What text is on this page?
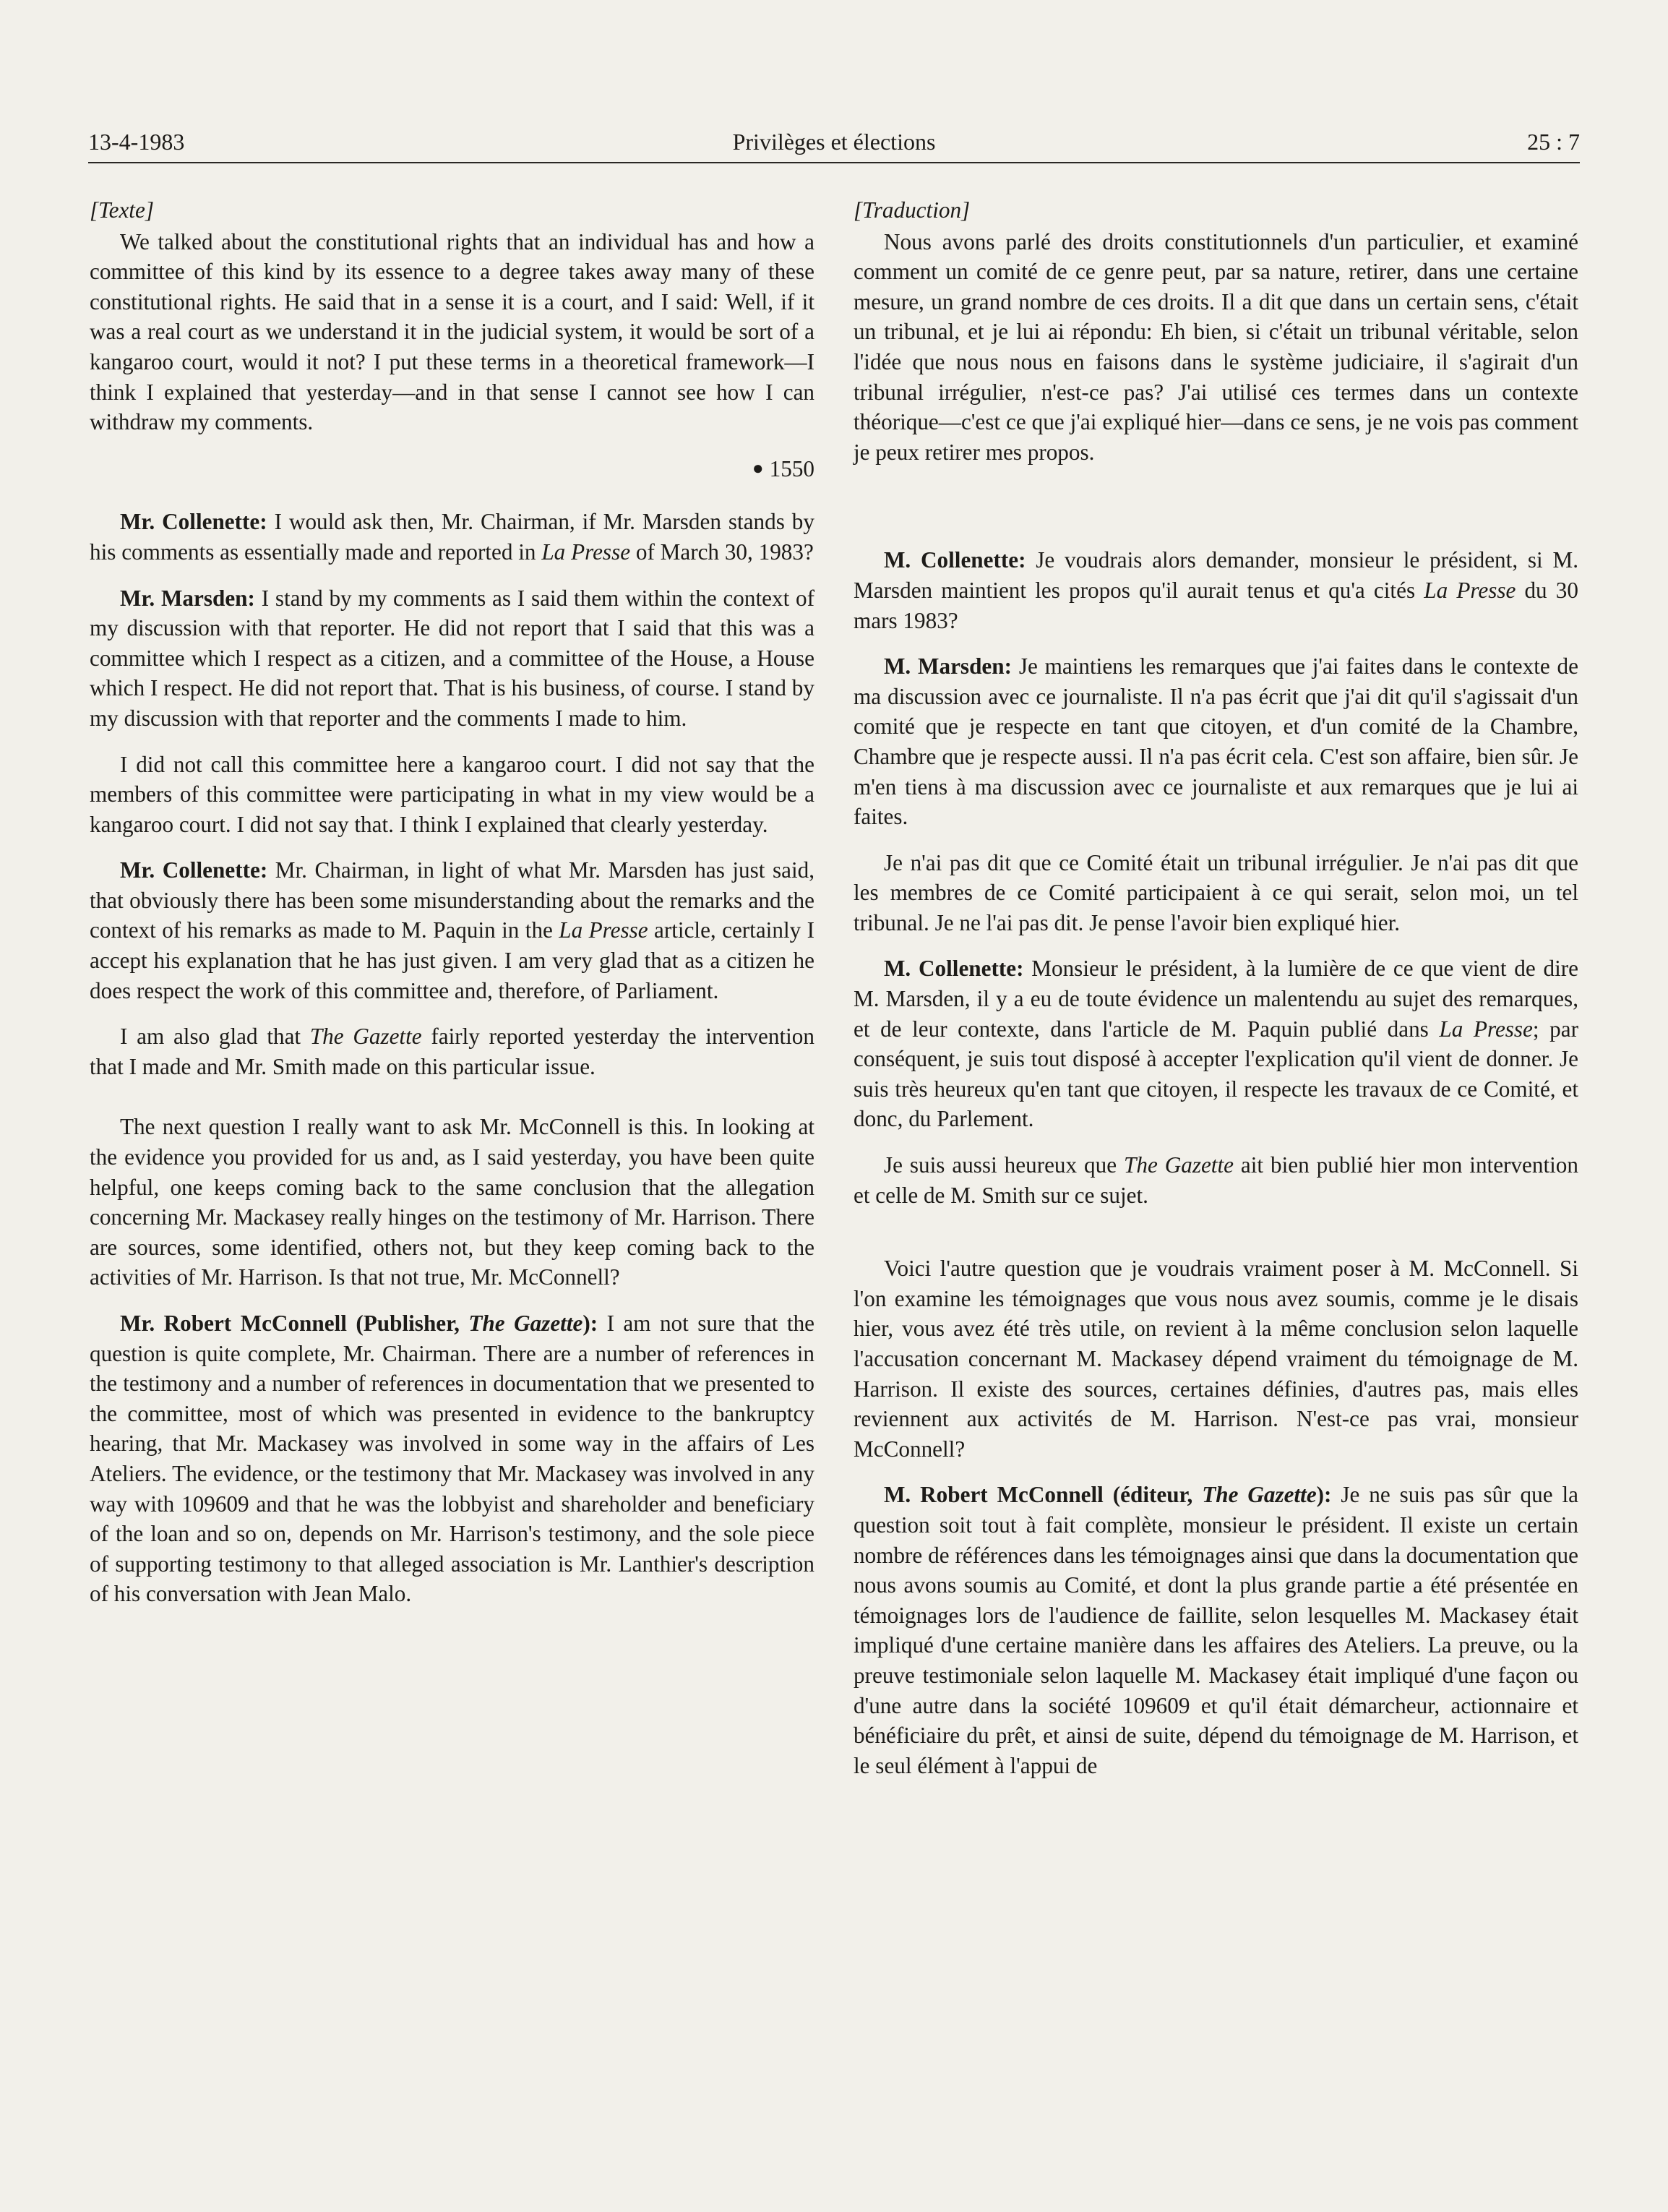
13-4-1983	Privilèges et élections	25 : 7

[Texte]

We talked about the constitutional rights that an individual has and how a committee of this kind by its essence to a degree takes away many of these constitutional rights. He said that in a sense it is a court, and I said: Well, if it was a real court as we understand it in the judicial system, it would be sort of a kangaroo court, would it not? I put these terms in a theoretical framework—I think I explained that yesterday—and in that sense I cannot see how I can withdraw my comments.

● 1550

Mr. Collenette: I would ask then, Mr. Chairman, if Mr. Marsden stands by his comments as essentially made and reported in La Presse of March 30, 1983?

Mr. Marsden: I stand by my comments as I said them within the context of my discussion with that reporter. He did not report that I said that this was a committee which I respect as a citizen, and a committee of the House, a House which I respect. He did not report that. That is his business, of course. I stand by my discussion with that reporter and the comments I made to him.

I did not call this committee here a kangaroo court. I did not say that the members of this committee were participating in what in my view would be a kangaroo court. I did not say that. I think I explained that clearly yesterday.

Mr. Collenette: Mr. Chairman, in light of what Mr. Marsden has just said, that obviously there has been some misunderstanding about the remarks and the context of his remarks as made to M. Paquin in the La Presse article, certainly I accept his explanation that he has just given. I am very glad that as a citizen he does respect the work of this committee and, therefore, of Parliament.

I am also glad that The Gazette fairly reported yesterday the intervention that I made and Mr. Smith made on this particular issue.

The next question I really want to ask Mr. McConnell is this. In looking at the evidence you provided for us and, as I said yesterday, you have been quite helpful, one keeps coming back to the same conclusion that the allegation concerning Mr. Mackasey really hinges on the testimony of Mr. Harrison. There are sources, some identified, others not, but they keep coming back to the activities of Mr. Harrison. Is that not true, Mr. McConnell?

Mr. Robert McConnell (Publisher, The Gazette): I am not sure that the question is quite complete, Mr. Chairman. There are a number of references in the testimony and a number of references in documentation that we presented to the committee, most of which was presented in evidence to the bankruptcy hearing, that Mr. Mackasey was involved in some way in the affairs of Les Ateliers. The evidence, or the testimony that Mr. Mackasey was involved in any way with 109609 and that he was the lobbyist and shareholder and beneficiary of the loan and so on, depends on Mr. Harrison's testimony, and the sole piece of supporting testimony to that alleged association is Mr. Lanthier's description of his conversation with Jean Malo.

[Traduction]

Nous avons parlé des droits constitutionnels d'un particulier, et examiné comment un comité de ce genre peut, par sa nature, retirer, dans une certaine mesure, un grand nombre de ces droits. Il a dit que dans un certain sens, c'était un tribunal, et je lui ai répondu: Eh bien, si c'était un tribunal véritable, selon l'idée que nous nous en faisons dans le système judiciaire, il s'agirait d'un tribunal irrégulier, n'est-ce pas? J'ai utilisé ces termes dans un contexte théorique—c'est ce que j'ai expliqué hier—dans ce sens, je ne vois pas comment je peux retirer mes propos.

M. Collenette: Je voudrais alors demander, monsieur le président, si M. Marsden maintient les propos qu'il aurait tenus et qu'a cités La Presse du 30 mars 1983?

M. Marsden: Je maintiens les remarques que j'ai faites dans le contexte de ma discussion avec ce journaliste. Il n'a pas écrit que j'ai dit qu'il s'agissait d'un comité que je respecte en tant que citoyen, et d'un comité de la Chambre, Chambre que je respecte aussi. Il n'a pas écrit cela. C'est son affaire, bien sûr. Je m'en tiens à ma discussion avec ce journaliste et aux remarques que je lui ai faites.

Je n'ai pas dit que ce Comité était un tribunal irrégulier. Je n'ai pas dit que les membres de ce Comité participaient à ce qui serait, selon moi, un tel tribunal. Je ne l'ai pas dit. Je pense l'avoir bien expliqué hier.

M. Collenette: Monsieur le président, à la lumière de ce que vient de dire M. Marsden, il y a eu de toute évidence un malentendu au sujet des remarques, et de leur contexte, dans l'article de M. Paquin publié dans La Presse; par conséquent, je suis tout disposé à accepter l'explication qu'il vient de donner. Je suis très heureux qu'en tant que citoyen, il respecte les travaux de ce Comité, et donc, du Parlement.

Je suis aussi heureux que The Gazette ait bien publié hier mon intervention et celle de M. Smith sur ce sujet.

Voici l'autre question que je voudrais vraiment poser à M. McConnell. Si l'on examine les témoignages que vous nous avez soumis, comme je le disais hier, vous avez été très utile, on revient à la même conclusion selon laquelle l'accusation concernant M. Mackasey dépend vraiment du témoignage de M. Harrison. Il existe des sources, certaines définies, d'autres pas, mais elles reviennent aux activités de M. Harrison. N'est-ce pas vrai, monsieur McConnell?

M. Robert McConnell (éditeur, The Gazette): Je ne suis pas sûr que la question soit tout à fait complète, monsieur le président. Il existe un certain nombre de références dans les témoignages ainsi que dans la documentation que nous avons soumis au Comité, et dont la plus grande partie a été présentée en témoignages lors de l'audience de faillite, selon lesquelles M. Mackasey était impliqué d'une certaine manière dans les affaires des Ateliers. La preuve, ou la preuve testimoniale selon laquelle M. Mackasey était impliqué d'une façon ou d'une autre dans la société 109609 et qu'il était démarcheur, actionnaire et bénéficiaire du prêt, et ainsi de suite, dépend du témoignage de M. Harrison, et le seul élément à l'appui de
